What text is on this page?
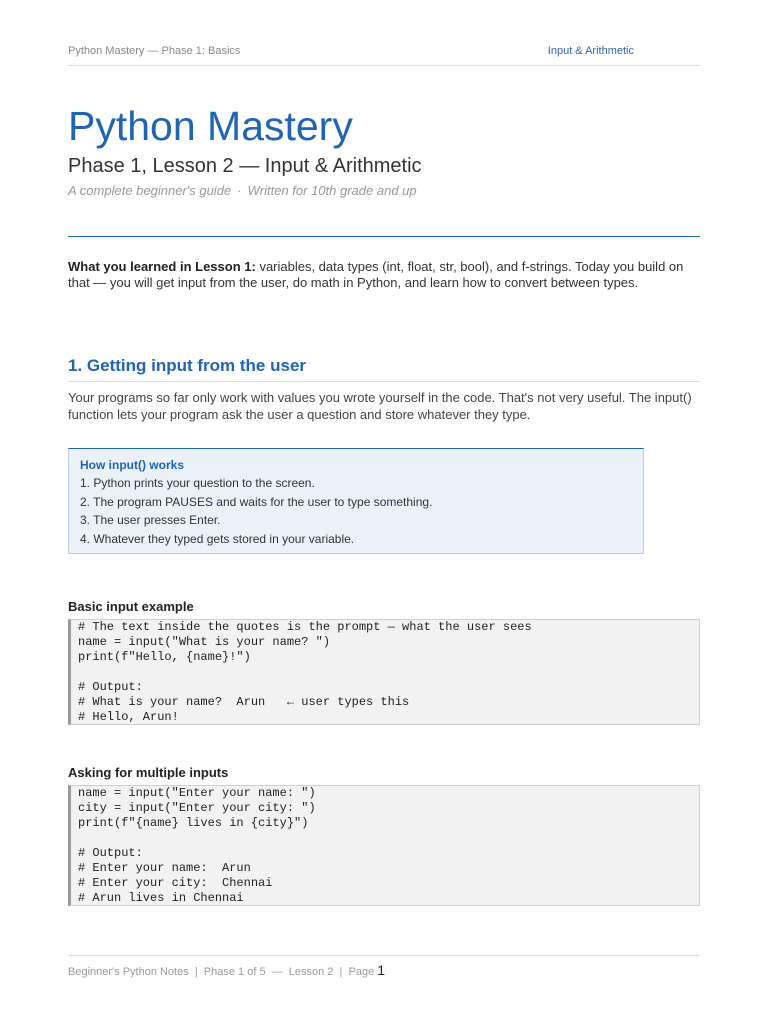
Python Mastery — Phase 1: Basics	Input & Arithmetic
Python Mastery
Phase 1, Lesson 2 — Input & Arithmetic
A complete beginner's guide · Written for 10th grade and up
What you learned in Lesson 1: variables, data types (int, float, str, bool), and f-strings. Today you build on that — you will get input from the user, do math in Python, and learn how to convert between types.
1. Getting input from the user
Your programs so far only work with values you wrote yourself in the code. That's not very useful. The input() function lets your program ask the user a question and store whatever they type.
How input() works
1. Python prints your question to the screen.
2. The program PAUSES and waits for the user to type something.
3. The user presses Enter.
4. Whatever they typed gets stored in your variable.
Basic input example
# The text inside the quotes is the prompt — what the user sees
name = input("What is your name? ")
print(f"Hello, {name}!")
# Output:
# What is your name?  Arun   ← user types this
# Hello, Arun!
Asking for multiple inputs
name = input("Enter your name: ")
city = input("Enter your city: ")
print(f"{name} lives in {city}")
# Output:
# Enter your name:  Arun
# Enter your city:  Chennai
# Arun lives in Chennai
Beginner's Python Notes  |  Phase 1 of 5  —  Lesson 2  |  Page 1
